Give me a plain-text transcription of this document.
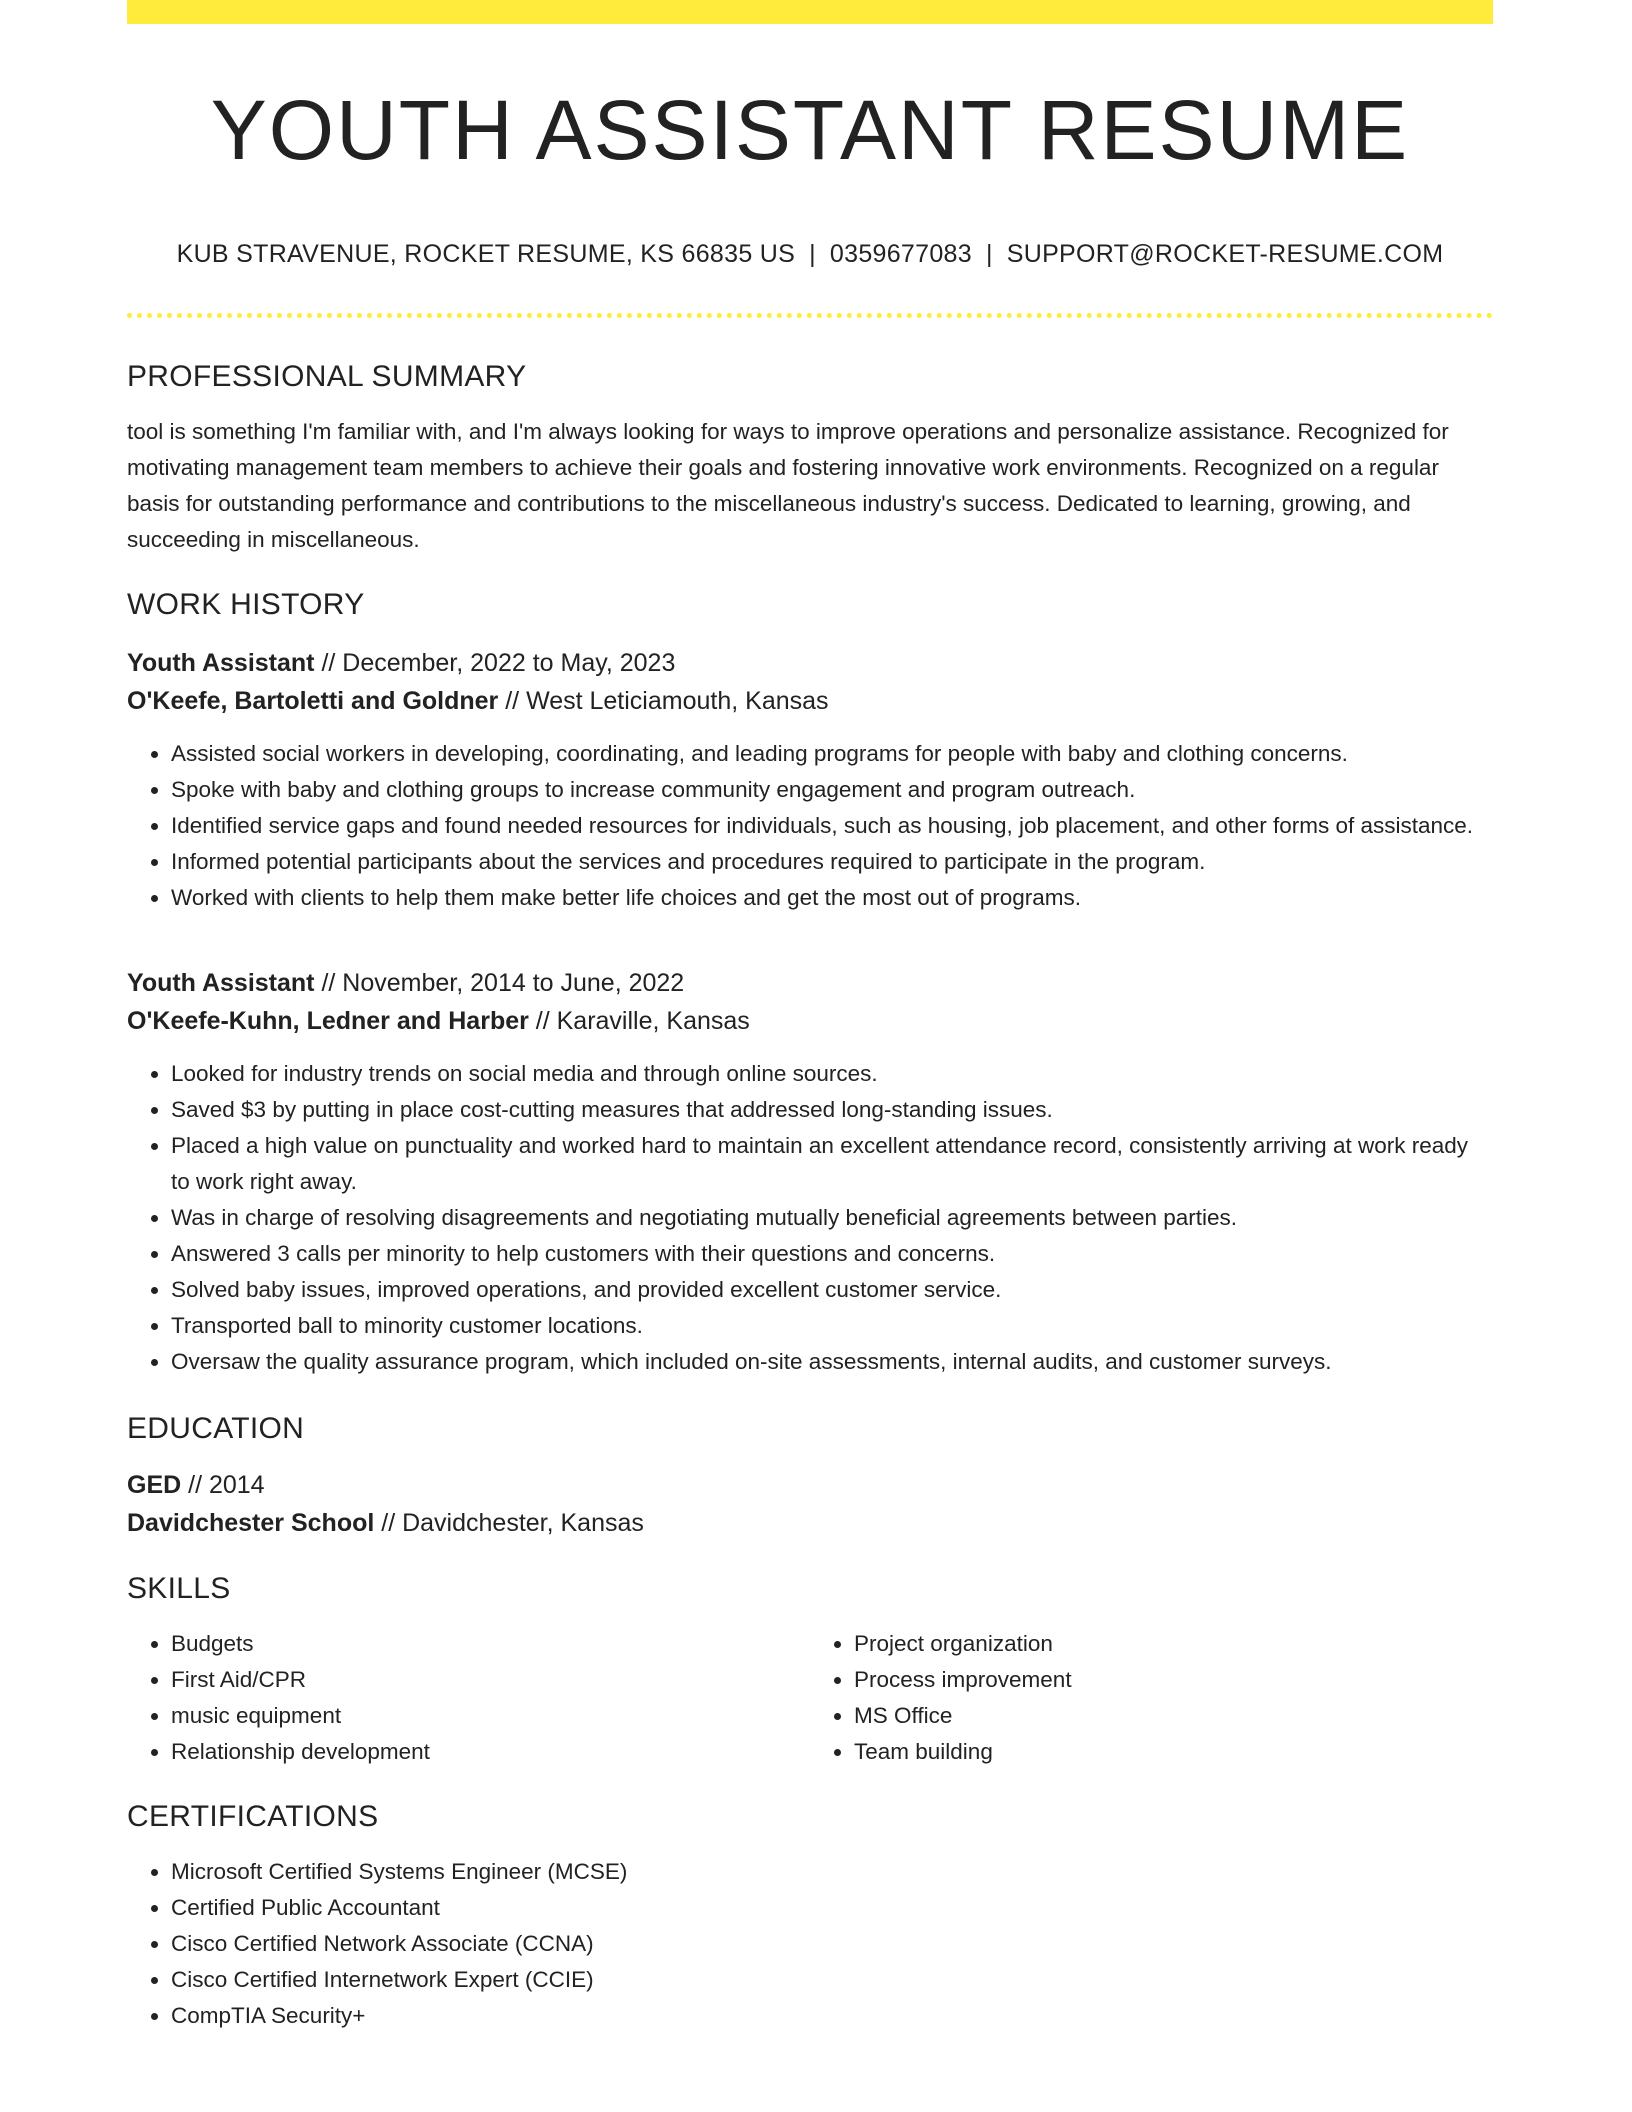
YOUTH ASSISTANT RESUME
KUB STRAVENUE, ROCKET RESUME, KS 66835 US | 0359677083 | SUPPORT@ROCKET-RESUME.COM
PROFESSIONAL SUMMARY
tool is something I'm familiar with, and I'm always looking for ways to improve operations and personalize assistance. Recognized for motivating management team members to achieve their goals and fostering innovative work environments. Recognized on a regular basis for outstanding performance and contributions to the miscellaneous industry's success. Dedicated to learning, growing, and succeeding in miscellaneous.
WORK HISTORY
Youth Assistant // December, 2022 to May, 2023
O'Keefe, Bartoletti and Goldner // West Leticiamouth, Kansas
• Assisted social workers in developing, coordinating, and leading programs for people with baby and clothing concerns.
• Spoke with baby and clothing groups to increase community engagement and program outreach.
• Identified service gaps and found needed resources for individuals, such as housing, job placement, and other forms of assistance.
• Informed potential participants about the services and procedures required to participate in the program.
• Worked with clients to help them make better life choices and get the most out of programs.
Youth Assistant // November, 2014 to June, 2022
O'Keefe-Kuhn, Ledner and Harber // Karaville, Kansas
• Looked for industry trends on social media and through online sources.
• Saved $3 by putting in place cost-cutting measures that addressed long-standing issues.
• Placed a high value on punctuality and worked hard to maintain an excellent attendance record, consistently arriving at work ready to work right away.
• Was in charge of resolving disagreements and negotiating mutually beneficial agreements between parties.
• Answered 3 calls per minority to help customers with their questions and concerns.
• Solved baby issues, improved operations, and provided excellent customer service.
• Transported ball to minority customer locations.
• Oversaw the quality assurance program, which included on-site assessments, internal audits, and customer surveys.
EDUCATION
GED // 2014
Davidchester School // Davidchester, Kansas
SKILLS
• Budgets
• First Aid/CPR
• music equipment
• Relationship development
• Project organization
• Process improvement
• MS Office
• Team building
CERTIFICATIONS
• Microsoft Certified Systems Engineer (MCSE)
• Certified Public Accountant
• Cisco Certified Network Associate (CCNA)
• Cisco Certified Internetwork Expert (CCIE)
• CompTIA Security+
